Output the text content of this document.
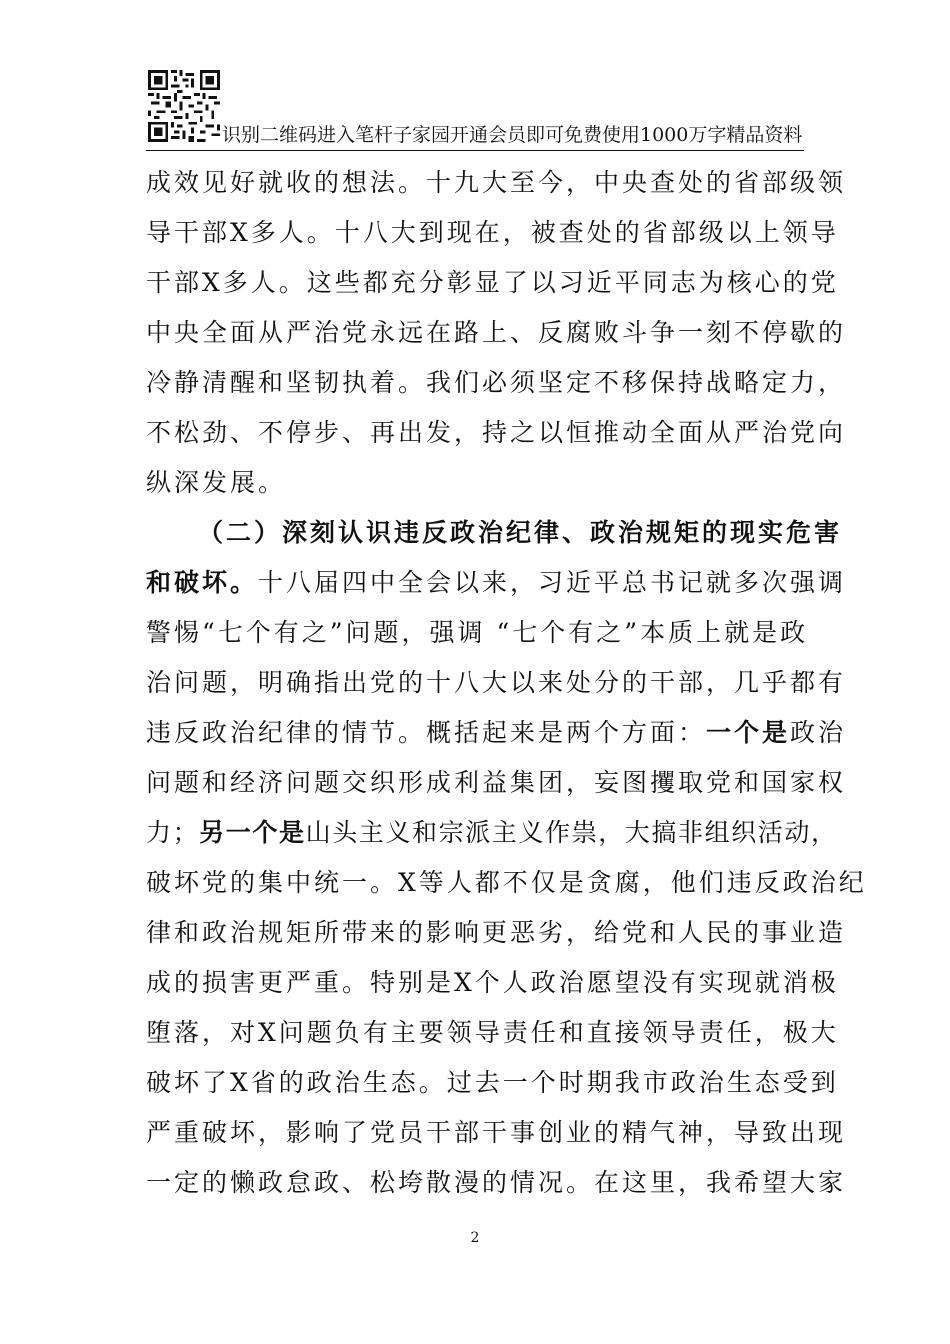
识别二维码进入笔杆子家园开通会员即可免费使用1000万字精品资料
成效见好就收的想法。十九大至今，中央查处的省部级领
导干部X多人。十八大到现在，被查处的省部级以上领导
干部X多人。这些都充分彰显了以习近平同志为核心的党
中央全面从严治党永远在路上、反腐败斗争一刻不停歇的
冷静清醒和坚韧执着。我们必须坚定不移保持战略定力，
不松劲、不停步、再出发，持之以恒推动全面从严治党向
纵深发展。
（二）深刻认识违反政治纪律、政治规矩的现实危害
和破坏。十八届四中全会以来，习近平总书记就多次强调
警惕“七个有之”问题，强调 “七个有之”本质上就是政
治问题，明确指出党的十八大以来处分的干部，几乎都有
违反政治纪律的情节。概括起来是两个方面：一个是政治
问题和经济问题交织形成利益集团，妄图攫取党和国家权
力；另一个是山头主义和宗派主义作祟，大搞非组织活动，
破坏党的集中统一。X等人都不仅是贪腐，他们违反政治纪
律和政治规矩所带来的影响更恶劣，给党和人民的事业造
成的损害更严重。特别是X个人政治愿望没有实现就消极
堕落，对X问题负有主要领导责任和直接领导责任，极大
破坏了X省的政治生态。过去一个时期我市政治生态受到
严重破坏，影响了党员干部干事创业的精气神，导致出现
一定的懒政怠政、松垮散漫的情况。在这里，我希望大家
2
